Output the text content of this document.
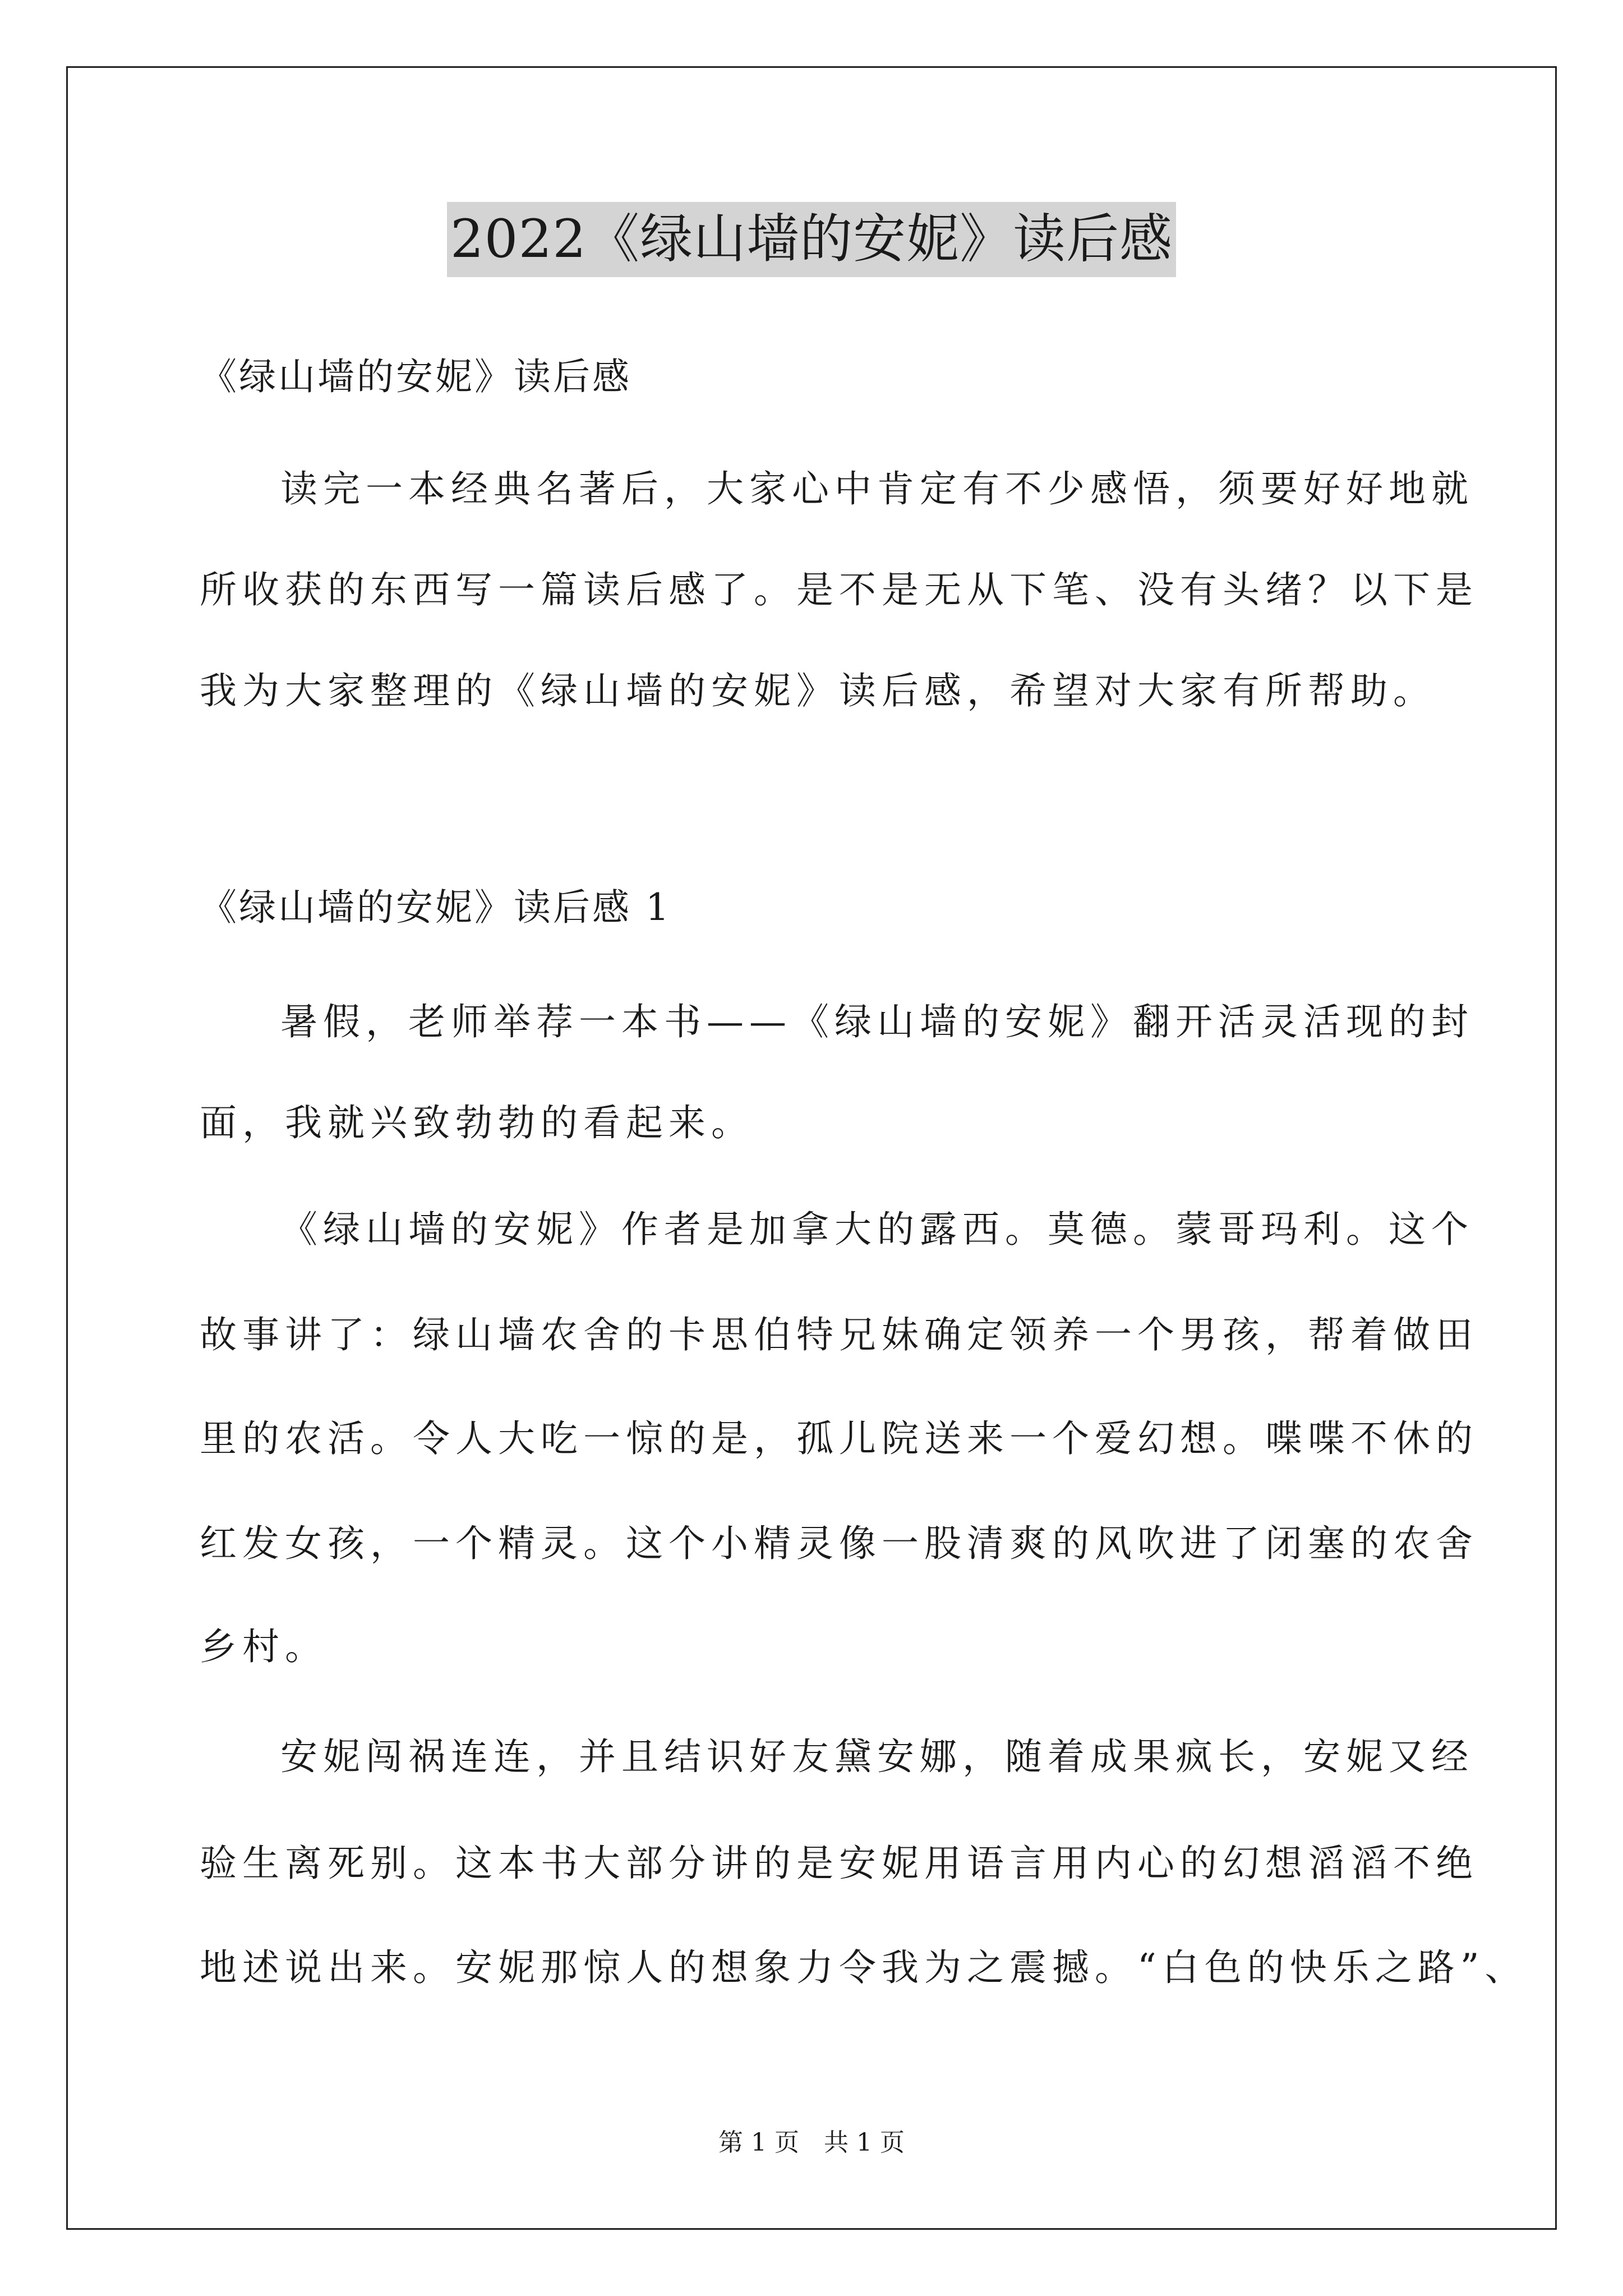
2022《绿山墙的安妮》读后感
《绿山墙的安妮》读后感
读完一本经典名著后，大家心中肯定有不少感悟，须要好好地就
所收获的东西写一篇读后感了。是不是无从下笔、没有头绪？以下是
我为大家整理的《绿山墙的安妮》读后感，希望对大家有所帮助。
《绿山墙的安妮》读后感 1
暑假，老师举荐一本书——《绿山墙的安妮》翻开活灵活现的封
面，我就兴致勃勃的看起来。
《绿山墙的安妮》作者是加拿大的露西。莫德。蒙哥玛利。这个
故事讲了：绿山墙农舍的卡思伯特兄妹确定领养一个男孩，帮着做田
里的农活。令人大吃一惊的是，孤儿院送来一个爱幻想。喋喋不休的
红发女孩，一个精灵。这个小精灵像一股清爽的风吹进了闭塞的农舍
乡村。
安妮闯祸连连，并且结识好友黛安娜，随着成果疯长，安妮又经
验生离死别。这本书大部分讲的是安妮用语言用内心的幻想滔滔不绝
地述说出来。安妮那惊人的想象力令我为之震撼。“白色的快乐之路”、
第 1 页　共 1 页
